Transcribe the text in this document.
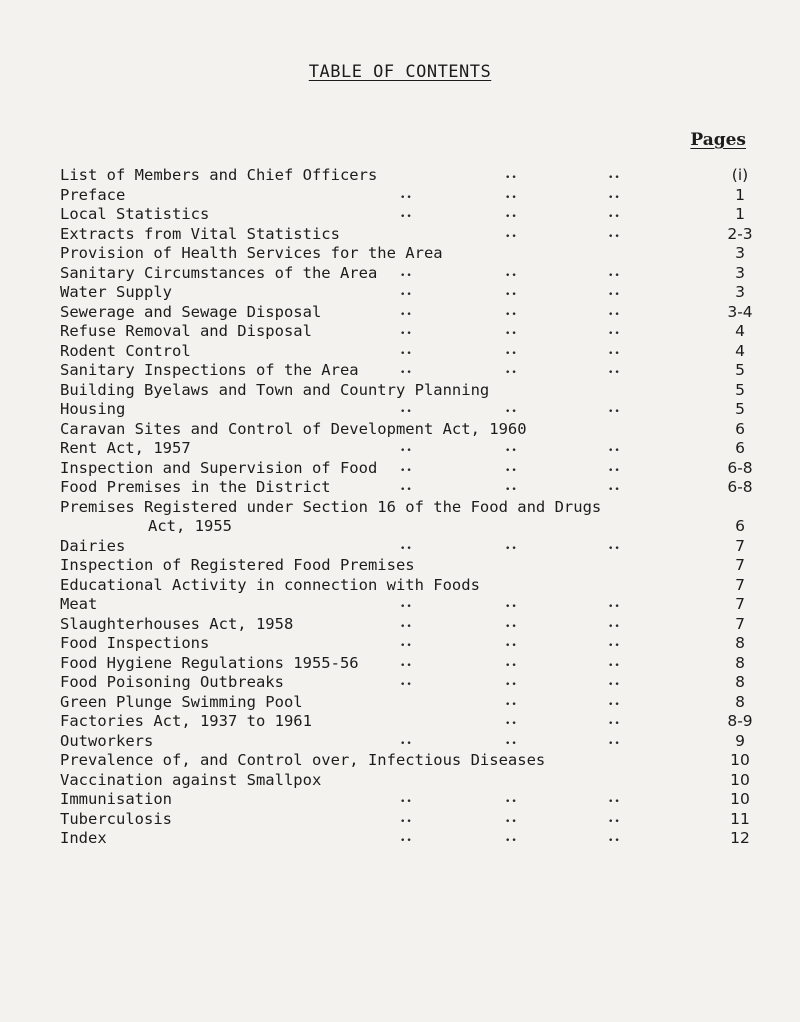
TABLE OF CONTENTS
Pages
List of Members and Chief Officers	••	••	(i)
Preface	••	••	••	1
Local Statistics	••	••	••	1
Extracts from Vital Statistics	••	••	2-3
Provision of Health Services for the Area	3
Sanitary Circumstances of the Area	••	••	••	3
Water Supply	••	••	••	3
Sewerage and Sewage Disposal	••	••	••	3-4
Refuse Removal and Disposal	••	••	••	4
Rodent Control	••	••	••	4
Sanitary Inspections of the Area	••	••	••	5
Building Byelaws and Town and Country Planning	5
Housing	••	••	••	5
Caravan Sites and Control of Development Act, 1960	6
Rent Act, 1957	••	••	••	6
Inspection and Supervision of Food	••	••	••	6-8
Food Premises in the District	••	••	••	6-8
Premises Registered under Section 16 of the Food and Drugs
Act, 1955	6
Dairies	••	••	••	7
Inspection of Registered Food Premises	7
Educational Activity in connection with Foods	7
Meat	••	••	••	7
Slaughterhouses Act, 1958	••	••	••	7
Food Inspections	••	••	••	8
Food Hygiene Regulations 1955-56	••	••	••	8
Food Poisoning Outbreaks	••	••	••	8
Green Plunge Swimming Pool	••	••	8
Factories Act, 1937 to 1961	••	••	8-9
Outworkers	••	••	••	9
Prevalence of, and Control over, Infectious Diseases	10
Vaccination against Smallpox	10
Immunisation	••	••	••	10
Tuberculosis	••	••	••	11
Index	••	••	••	12
